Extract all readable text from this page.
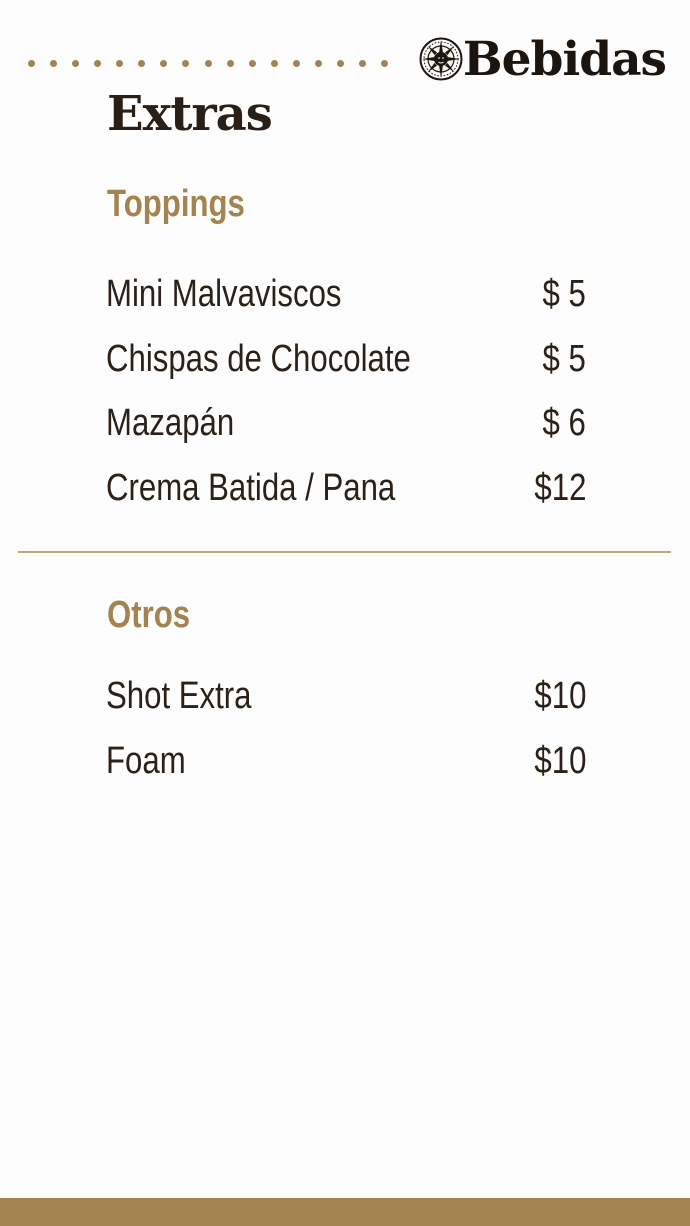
Bebidas
Extras
Toppings
Mini Malvaviscos	$ 5
Chispas de Chocolate	$ 5
Mazapán	$ 6
Crema Batida / Pana	$12
Otros
Shot Extra	$10
Foam	$10
